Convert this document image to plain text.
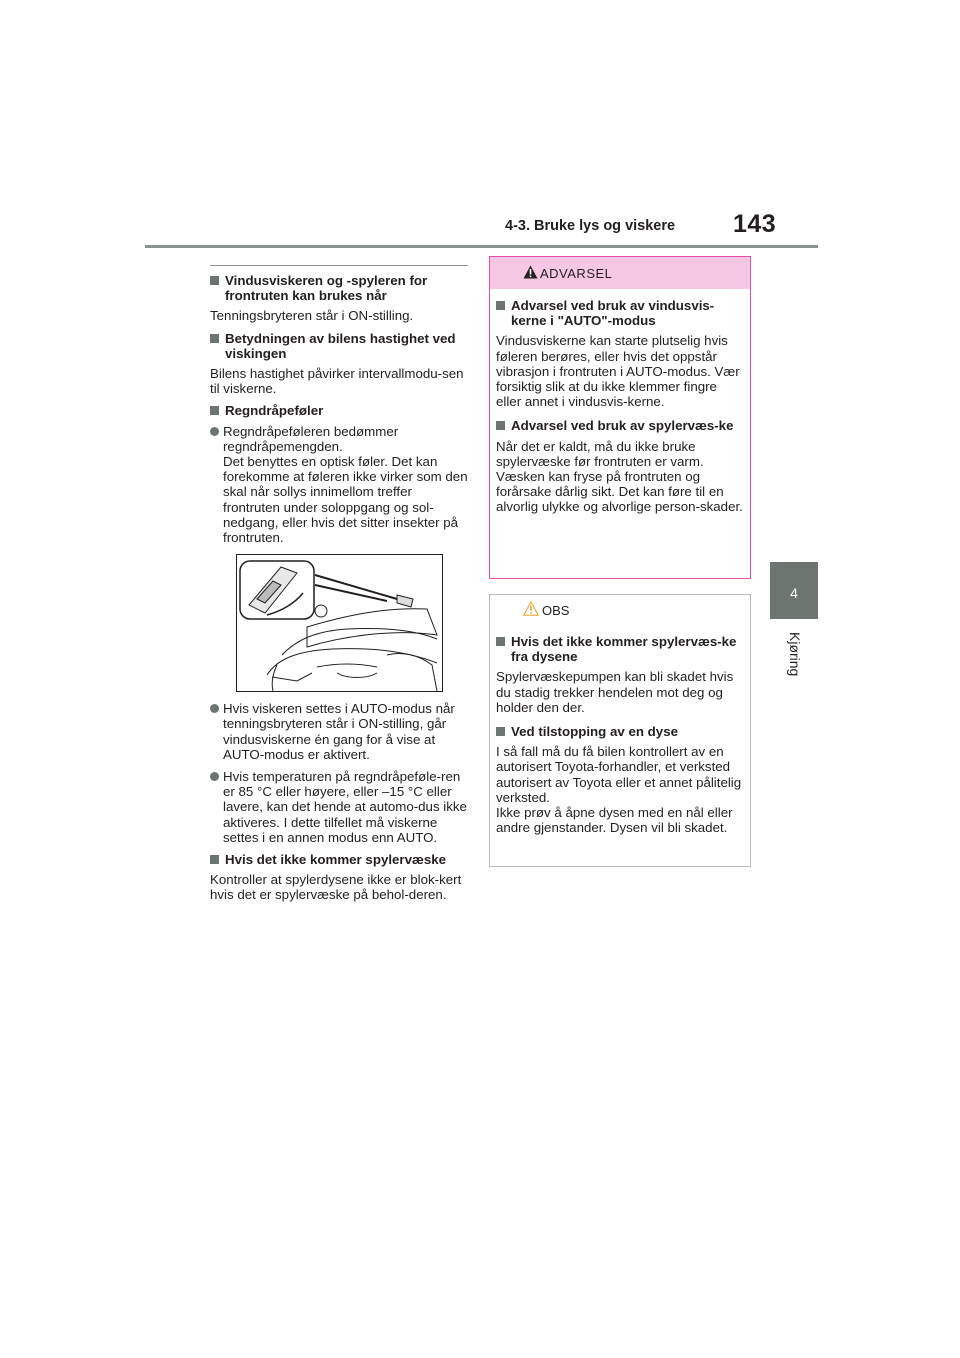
4-3. Bruke lys og viskere 143
4
Kjøring
Vindusviskeren og -spyleren for frontruten kan brukes når
Tenningsbryteren står i ON-stilling.
Betydningen av bilens hastighet ved viskingen
Bilens hastighet påvirker intervallmodu-sen til viskerne.
Regndråpeføler
Regndråpeføleren bedømmer regndråpemengden.
Det benyttes en optisk føler. Det kan forekomme at føleren ikke virker som den skal når sollys innimellom treffer frontruten under soloppgang og sol-nedgang, eller hvis det sitter insekter på frontruten.
Hvis viskeren settes i AUTO-modus når tenningsbryteren står i ON-stilling, går vindusviskerne én gang for å vise at AUTO-modus er aktivert.
Hvis temperaturen på regndråpeføle-ren er 85 °C eller høyere, eller –15 °C eller lavere, kan det hende at automo-dus ikke aktiveres. I dette tilfellet må viskerne settes i en annen modus enn AUTO.
Hvis det ikke kommer spylervæske
Kontroller at spylerdysene ikke er blok-kert hvis det er spylervæske på behol-deren.
ADVARSEL
Advarsel ved bruk av vindusvis-kerne i "AUTO"-modus
Vindusviskerne kan starte plutselig hvis føleren berøres, eller hvis det oppstår vibrasjon i frontruten i AUTO-modus. Vær forsiktig slik at du ikke klemmer fingre eller annet i vindusvis-kerne.
Advarsel ved bruk av spylervæs-ke
Når det er kaldt, må du ikke bruke spylervæske før frontruten er varm. Væsken kan fryse på frontruten og forårsake dårlig sikt. Det kan føre til en alvorlig ulykke og alvorlige person-skader.
OBS
Hvis det ikke kommer spylervæs-ke fra dysene
Spylervæskepumpen kan bli skadet hvis du stadig trekker hendelen mot deg og holder den der.
Ved tilstopping av en dyse
I så fall må du få bilen kontrollert av en autorisert Toyota-forhandler, et verksted autorisert av Toyota eller et annet pålitelig verksted.
Ikke prøv å åpne dysen med en nål eller andre gjenstander. Dysen vil bli skadet.
